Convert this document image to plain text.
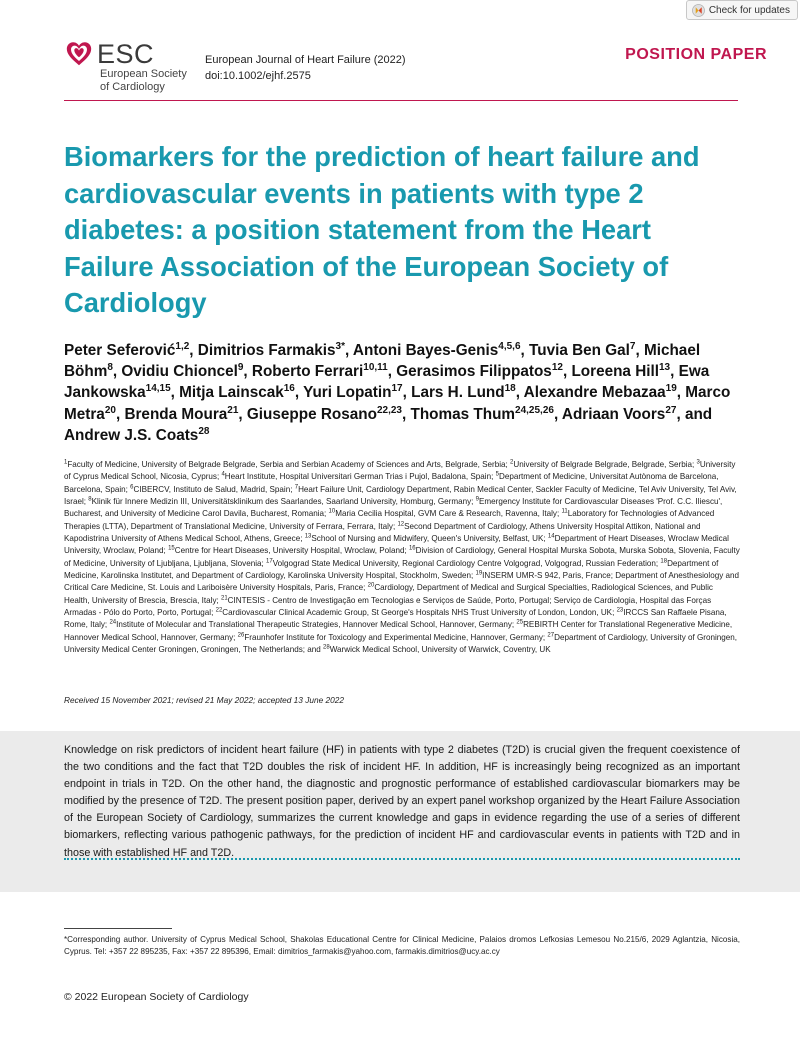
Check for updates
ESC
European Society
of Cardiology
European Journal of Heart Failure (2022)
doi:10.1002/ejhf.2575
POSITION PAPER
Biomarkers for the prediction of heart failure and cardiovascular events in patients with type 2 diabetes: a position statement from the Heart Failure Association of the European Society of Cardiology
Peter Seferović$^{1,2}$, Dimitrios Farmakis$^{3*}$, Antoni Bayes-Genis$^{4,5,6}$, Tuvia Ben Gal$^7$, Michael Böhm$^8$, Ovidiu Chioncel$^9$, Roberto Ferrari$^{10,11}$, Gerasimos Filippatos$^{12}$, Loreena Hill$^{13}$, Ewa Jankowska$^{14,15}$, Mitja Lainscak$^{16}$, Yuri Lopatin$^{17}$, Lars H. Lund$^{18}$, Alexandre Mebazaa$^{19}$, Marco Metra$^{20}$, Brenda Moura$^{21}$, Giuseppe Rosano$^{22,23}$, Thomas Thum$^{24,25,26}$, Adriaan Voors$^{27}$, and Andrew J.S. Coats$^{28}$
$^1$Faculty of Medicine, University of Belgrade Belgrade, Serbia and Serbian Academy of Sciences and Arts, Belgrade, Serbia; $^2$University of Belgrade Belgrade, Belgrade, Serbia; $^3$University of Cyprus Medical School, Nicosia, Cyprus; $^4$Heart Institute, Hospital Universitari German Trias i Pujol, Badalona, Spain; $^5$Department of Medicine, Universitat Autònoma de Barcelona, Barcelona, Spain; $^6$CIBERCV, Instituto de Salud, Madrid, Spain; $^7$Heart Failure Unit, Cardiology Department, Rabin Medical Center, Sackler Faculty of Medicine, Tel Aviv University, Tel Aviv, Israel; $^8$Klinik für Innere Medizin III, Universitätsklinikum des Saarlandes, Saarland University, Homburg, Germany; $^9$Emergency Institute for Cardiovascular Diseases 'Prof. C.C. Iliescu', Bucharest, and University of Medicine Carol Davila, Bucharest, Romania; $^{10}$Maria Cecilia Hospital, GVM Care & Research, Ravenna, Italy; $^{11}$Laboratory for Technologies of Advanced Therapies (LTTA), Department of Translational Medicine, University of Ferrara, Ferrara, Italy; $^{12}$Second Department of Cardiology, Athens University Hospital Attikon, National and Kapodistrina University of Athens Medical School, Athens, Greece; $^{13}$School of Nursing and Midwifery, Queen's University, Belfast, UK; $^{14}$Department of Heart Diseases, Wroclaw Medical University, Wroclaw, Poland; $^{15}$Centre for Heart Diseases, University Hospital, Wroclaw, Poland; $^{16}$Division of Cardiology, General Hospital Murska Sobota, Murska Sobota, Slovenia, Faculty of Medicine, University of Ljubljana, Ljubljana, Slovenia; $^{17}$Volgograd State Medical University, Regional Cardiology Centre Volgograd, Volgograd, Russian Federation; $^{18}$Department of Medicine, Karolinska Institutet, and Department of Cardiology, Karolinska University Hospital, Stockholm, Sweden; $^{19}$INSERM UMR-S 942, Paris, France; Department of Anesthesiology and Critical Care Medicine, St. Louis and Lariboisère University Hospitals, Paris, France; $^{20}$Cardiology, Department of Medical and Surgical Specialties, Radiological Sciences, and Public Health, University of Brescia, Brescia, Italy; $^{21}$CINTESIS - Centro de Investigação em Tecnologias e Serviços de Saúde, Porto, Portugal; Serviço de Cardiologia, Hospital das Forças Armadas - Pólo do Porto, Porto, Portugal; $^{22}$Cardiovascular Clinical Academic Group, St George's Hospitals NHS Trust University of London, London, UK; $^{23}$IRCCS San Raffaele Pisana, Rome, Italy; $^{24}$Institute of Molecular and Translational Therapeutic Strategies, Hannover Medical School, Hannover, Germany; $^{25}$REBIRTH Center for Translational Regenerative Medicine, Hannover Medical School, Hannover, Germany; $^{26}$Fraunhofer Institute for Toxicology and Experimental Medicine, Hannover, Germany; $^{27}$Department of Cardiology, University of Groningen, University Medical Center Groningen, Groningen, The Netherlands; and $^{28}$Warwick Medical School, University of Warwick, Coventry, UK
Received 15 November 2021; revised 21 May 2022; accepted 13 June 2022

Knowledge on risk predictors of incident heart failure (HF) in patients with type 2 diabetes (T2D) is crucial given the frequent coexistence of the two conditions and the fact that T2D doubles the risk of incident HF. In addition, HF is increasingly being recognized as an important endpoint in trials in T2D. On the other hand, the diagnostic and prognostic performance of established cardiovascular biomarkers may be modified by the presence of T2D. The present position paper, derived by an expert panel workshop organized by the Heart Failure Association of the European Society of Cardiology, summarizes the current knowledge and gaps in evidence regarding the use of a series of different biomarkers, reflecting various pathogenic pathways, for the prediction of incident HF and cardiovascular events in patients with T2D and in those with established HF and T2D.

*Corresponding author. University of Cyprus Medical School, Shakolas Educational Centre for Clinical Medicine, Palaios dromos Lefkosias Lemesou No.215/6, 2029 Aglantzia, Nicosia, Cyprus. Tel: +357 22 895235, Fax: +357 22 895396, Email: dimitrios_farmakis@yahoo.com, farmakis.dimitrios@ucy.ac.cy
© 2022 European Society of Cardiology
